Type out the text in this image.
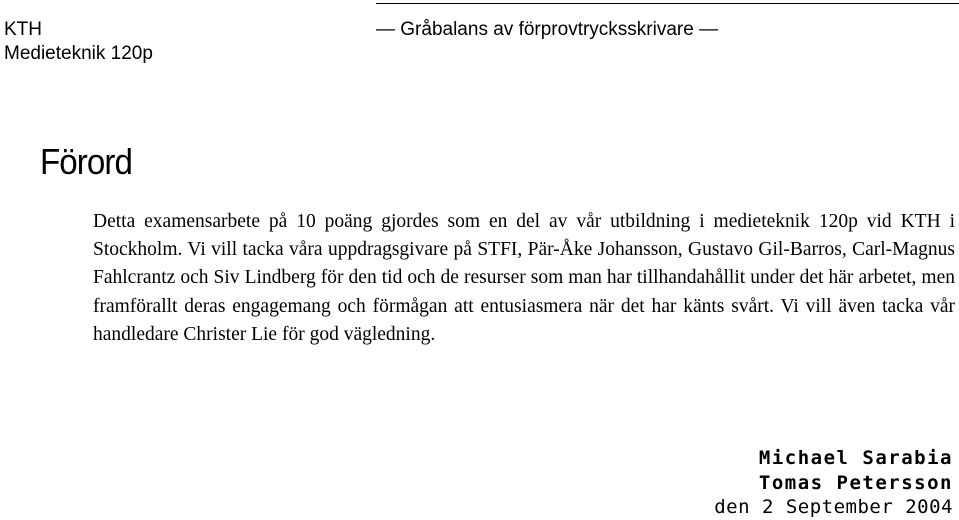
KTH
Medieteknik 120p
— Gråbalans av förprovtrycksskrivare —
Förord

Detta examensarbete på 10 poäng gjordes som en del av vår utbildning i medieteknik 120p vid KTH i Stockholm. Vi vill tacka våra uppdragsgivare på STFI, Pär-Åke Johansson, Gustavo Gil-Barros, Carl-Magnus Fahlcrantz och Siv Lindberg för den tid och de resurser som man har tillhandahållit under det här arbetet, men framförallt deras engagemang och förmågan att entusiasmera när det har känts svårt. Vi vill även tacka vår handledare Christer Lie för god vägledning.

Michael Sarabia
Tomas Petersson
den 2 September 2004
